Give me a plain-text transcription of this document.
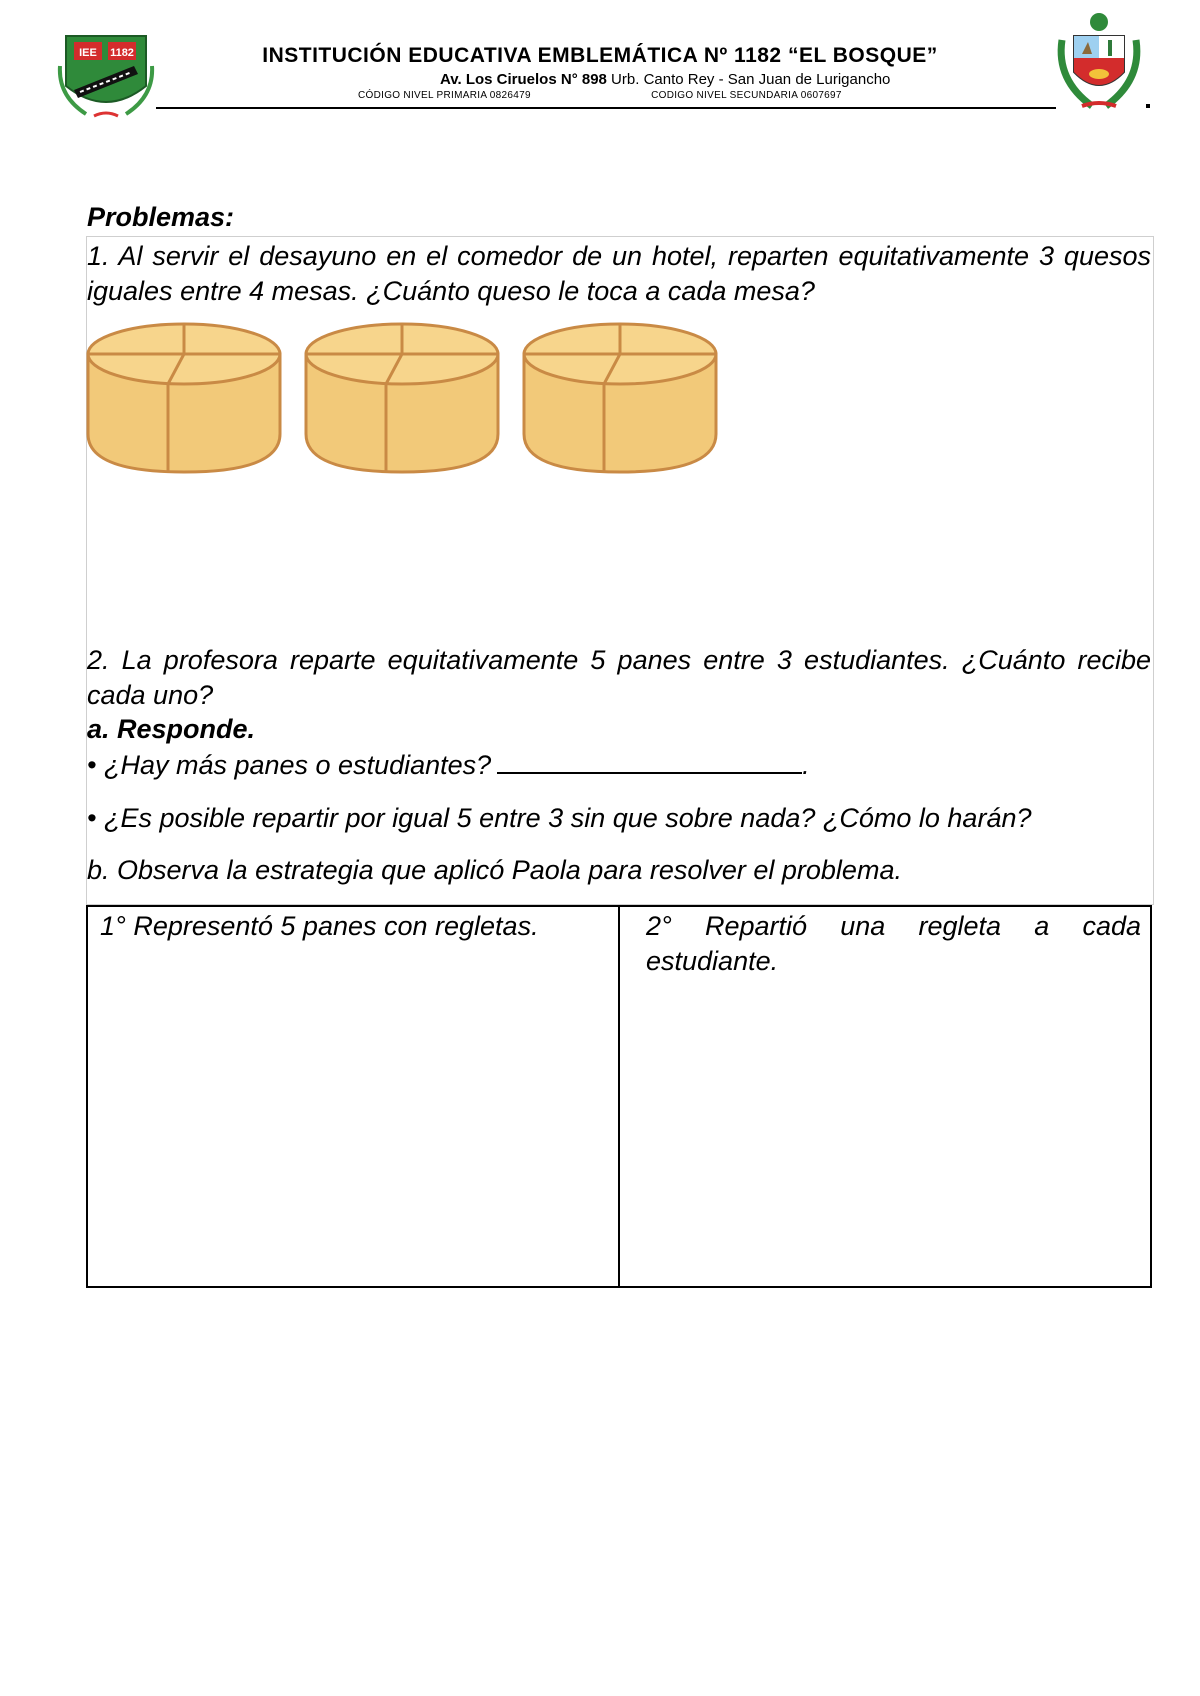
IEE 1182	INSTITUCIÓN EDUCATIVA EMBLEMÁTICA Nº 1182 “EL BOSQUE”
Av. Los Ciruelos N° 898 Urb. Canto Rey - San Juan de Lurigancho
CÓDIGO NIVEL PRIMARIA 0826479	CODIGO NIVEL SECUNDARIA 0607697
Problemas:
1. Al servir el desayuno en el comedor de un hotel, reparten equitativamente 3 quesos iguales entre 4 mesas. ¿Cuánto queso le toca a cada mesa?
2. La profesora reparte equitativamente 5 panes entre 3 estudiantes. ¿Cuánto recibe cada uno?
a. Responde.
• ¿Hay más panes o estudiantes?	.
• ¿Es posible repartir por igual 5 entre 3 sin que sobre nada? ¿Cómo lo harán?
b. Observa la estrategia que aplicó Paola para resolver el problema.
1° Representó 5 panes con regletas.	2° Repartió una regleta a cada estudiante.
